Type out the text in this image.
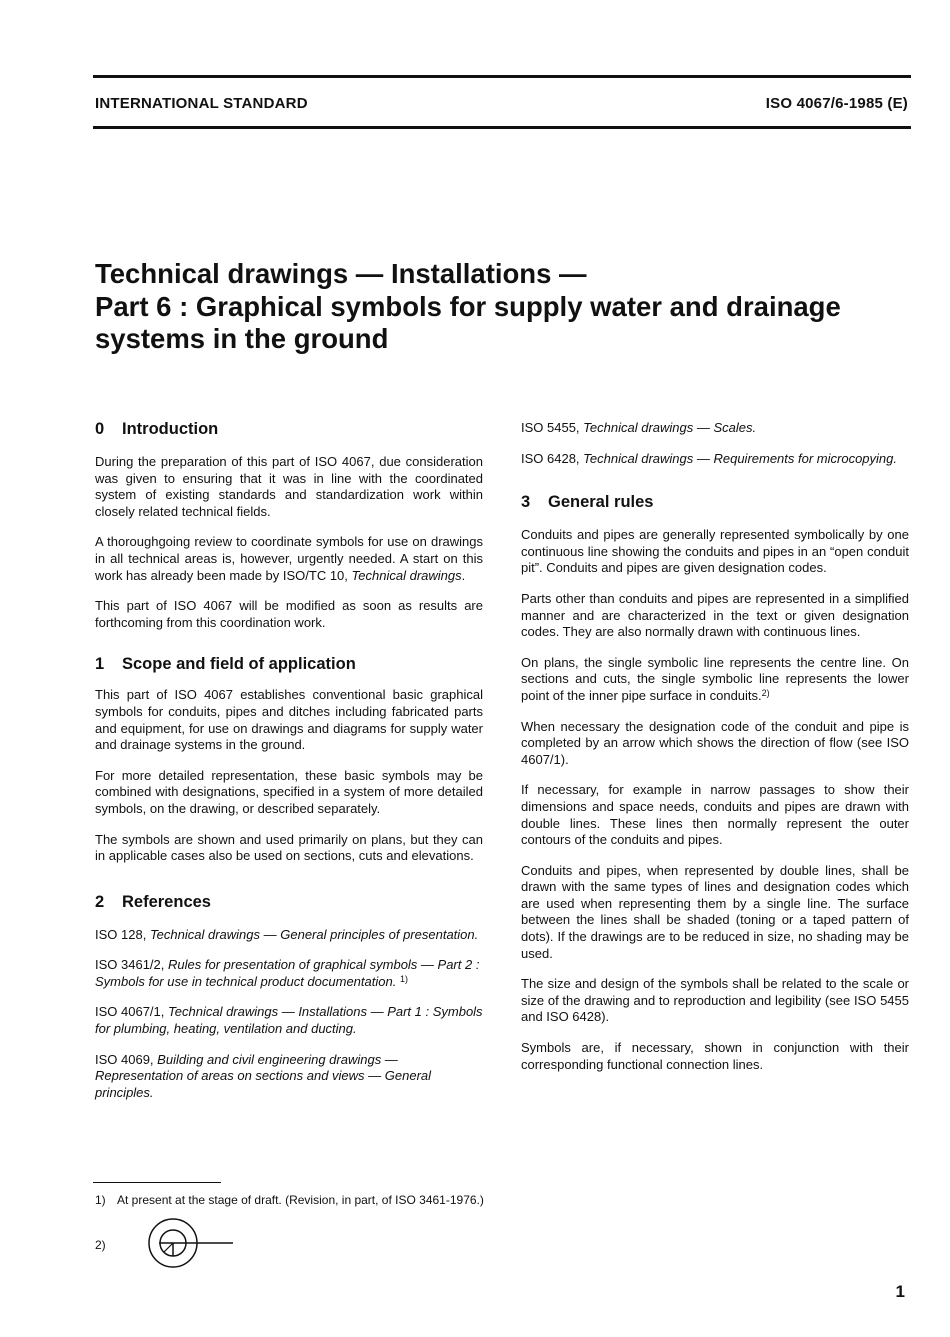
INTERNATIONAL STANDARD	ISO 4067/6-1985 (E)
Technical drawings — Installations —
Part 6 : Graphical symbols for supply water and drainage
systems in the ground
0 Introduction

During the preparation of this part of ISO 4067, due consideration was given to ensuring that it was in line with the coordinated system of existing standards and standardization work within closely related technical fields.

A thoroughgoing review to coordinate symbols for use on drawings in all technical areas is, however, urgently needed. A start on this work has already been made by ISO/TC 10, Technical drawings.

This part of ISO 4067 will be modified as soon as results are forthcoming from this coordination work.

1 Scope and field of application

This part of ISO 4067 establishes conventional basic graphical symbols for conduits, pipes and ditches including fabricated parts and equipment, for use on drawings and diagrams for supply water and drainage systems in the ground.

For more detailed representation, these basic symbols may be combined with designations, specified in a system of more detailed symbols, on the drawing, or described separately.

The symbols are shown and used primarily on plans, but they can in applicable cases also be used on sections, cuts and elevations.

2 References

ISO 128, Technical drawings — General principles of presentation.

ISO 3461/2, Rules for presentation of graphical symbols — Part 2 : Symbols for use in technical product documentation. $^{1)}$

ISO 4067/1, Technical drawings — Installations — Part 1 : Symbols for plumbing, heating, ventilation and ducting.

ISO 4069, Building and civil engineering drawings — Representation of areas on sections and views — General principles.

ISO 5455, Technical drawings — Scales.

ISO 6428, Technical drawings — Requirements for microcopying.

3 General rules

Conduits and pipes are generally represented symbolically by one continuous line showing the conduits and pipes in an “open conduit pit”. Conduits and pipes are given designation codes.

Parts other than conduits and pipes are represented in a simplified manner and are characterized in the text or given designation codes. They are also normally drawn with continuous lines.

On plans, the single symbolic line represents the centre line. On sections and cuts, the single symbolic line represents the lower point of the inner pipe surface in conduits.$^{2)}$

When necessary the designation code of the conduit and pipe is completed by an arrow which shows the direction of flow (see ISO 4607/1).

If necessary, for example in narrow passages to show their dimensions and space needs, conduits and pipes are drawn with double lines. These lines then normally represent the outer contours of the conduits and pipes.

Conduits and pipes, when represented by double lines, shall be drawn with the same types of lines and designation codes which are used when representing them by a single line. The surface between the lines shall be shaded (toning or a taped pattern of dots). If the drawings are to be reduced in size, no shading may be used.

The size and design of the symbols shall be related to the scale or size of the drawing and to reproduction and legibility (see ISO 5455 and ISO 6428).

Symbols are, if necessary, shown in conjunction with their corresponding functional connection lines.

1) At present at the stage of draft. (Revision, in part, of ISO 3461-1976.)
2)
1
